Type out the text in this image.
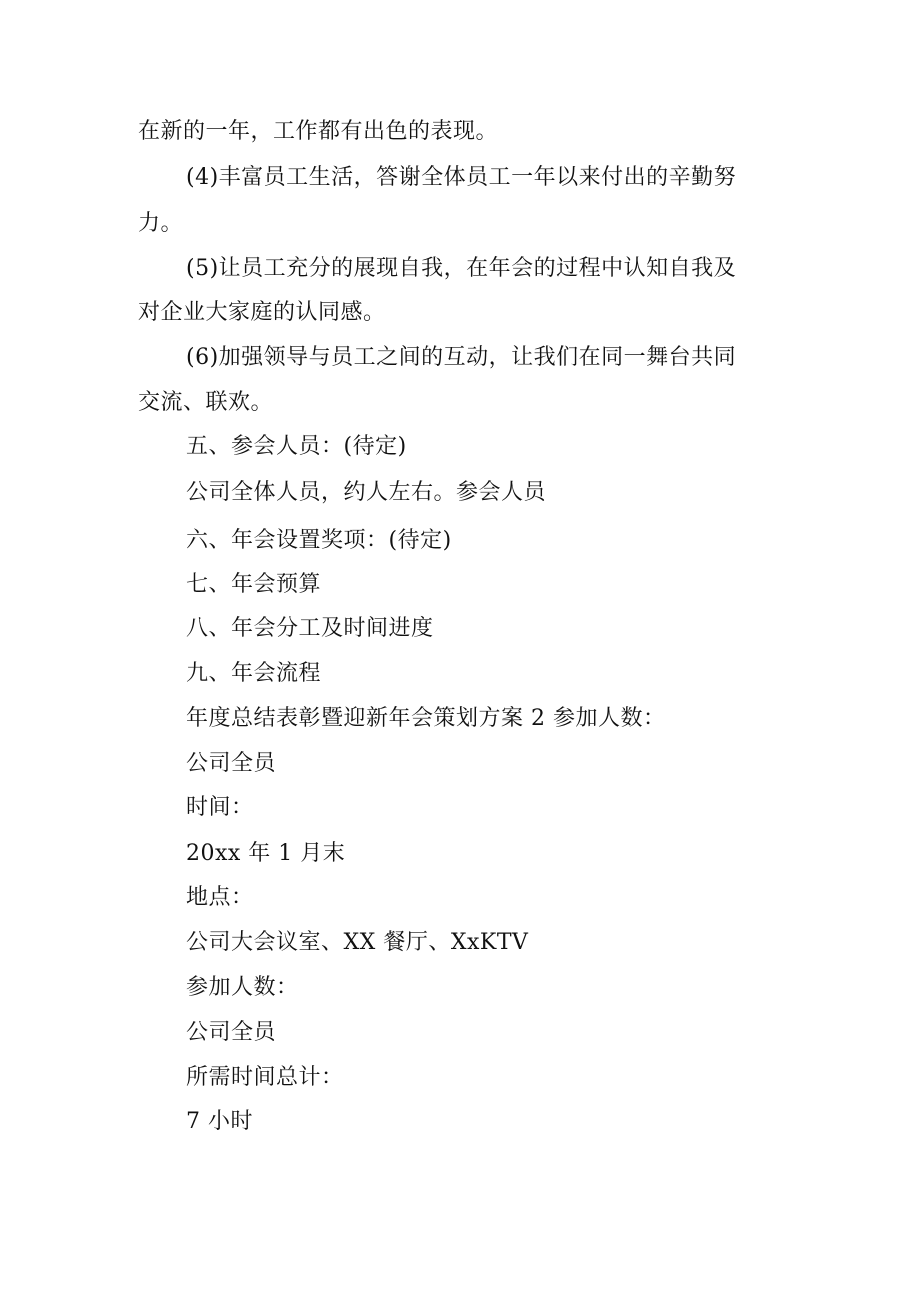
在新的一年，工作都有出色的表现。

(4)丰富员工生活，答谢全体员工一年以来付出的辛勤努

力。

(5)让员工充分的展现自我，在年会的过程中认知自我及

对企业大家庭的认同感。

(6)加强领导与员工之间的互动，让我们在同一舞台共同

交流、联欢。

五、参会人员：(待定)

公司全体人员，约人左右。参会人员

六、年会设置奖项：(待定)

七、年会预算

八、年会分工及时间进度

九、年会流程

年度总结表彰暨迎新年会策划方案 2 参加人数：

公司全员

时间：

20xx 年 1 月末

地点：

公司大会议室、XX 餐厅、XxKTV

参加人数：

公司全员

所需时间总计：

7 小时
